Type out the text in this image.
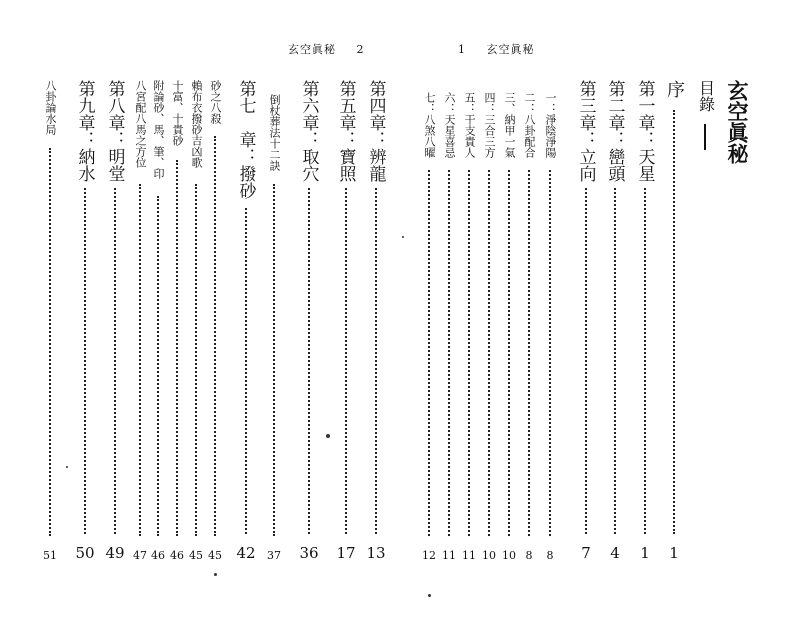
玄空眞秘 2
第四章：辨龍
13
第五章：寶照
17
第六章：取穴
36
倒杖葬法十二訣
37
第七　章：撥砂
42
砂之八殺
45
賴布衣撥砂吉凶歌
45
十富、十貴砂
46
附論砂、馬、筆、印
46
八宮配八馬之方位
47
第八章：明堂
49
第九章：納水
50
八卦論水局
51
1 玄空眞秘
玄空眞秘
目錄
序
1
第一章：天星
1
第二章：巒頭
4
第三章：立向
7
一：淨陰淨陽
8
二：八卦配合
8
三、納甲一氣
10
四：三合三方
10
五：干支貴人
11
六：天星喜忌
11
七：八煞八曜
12
